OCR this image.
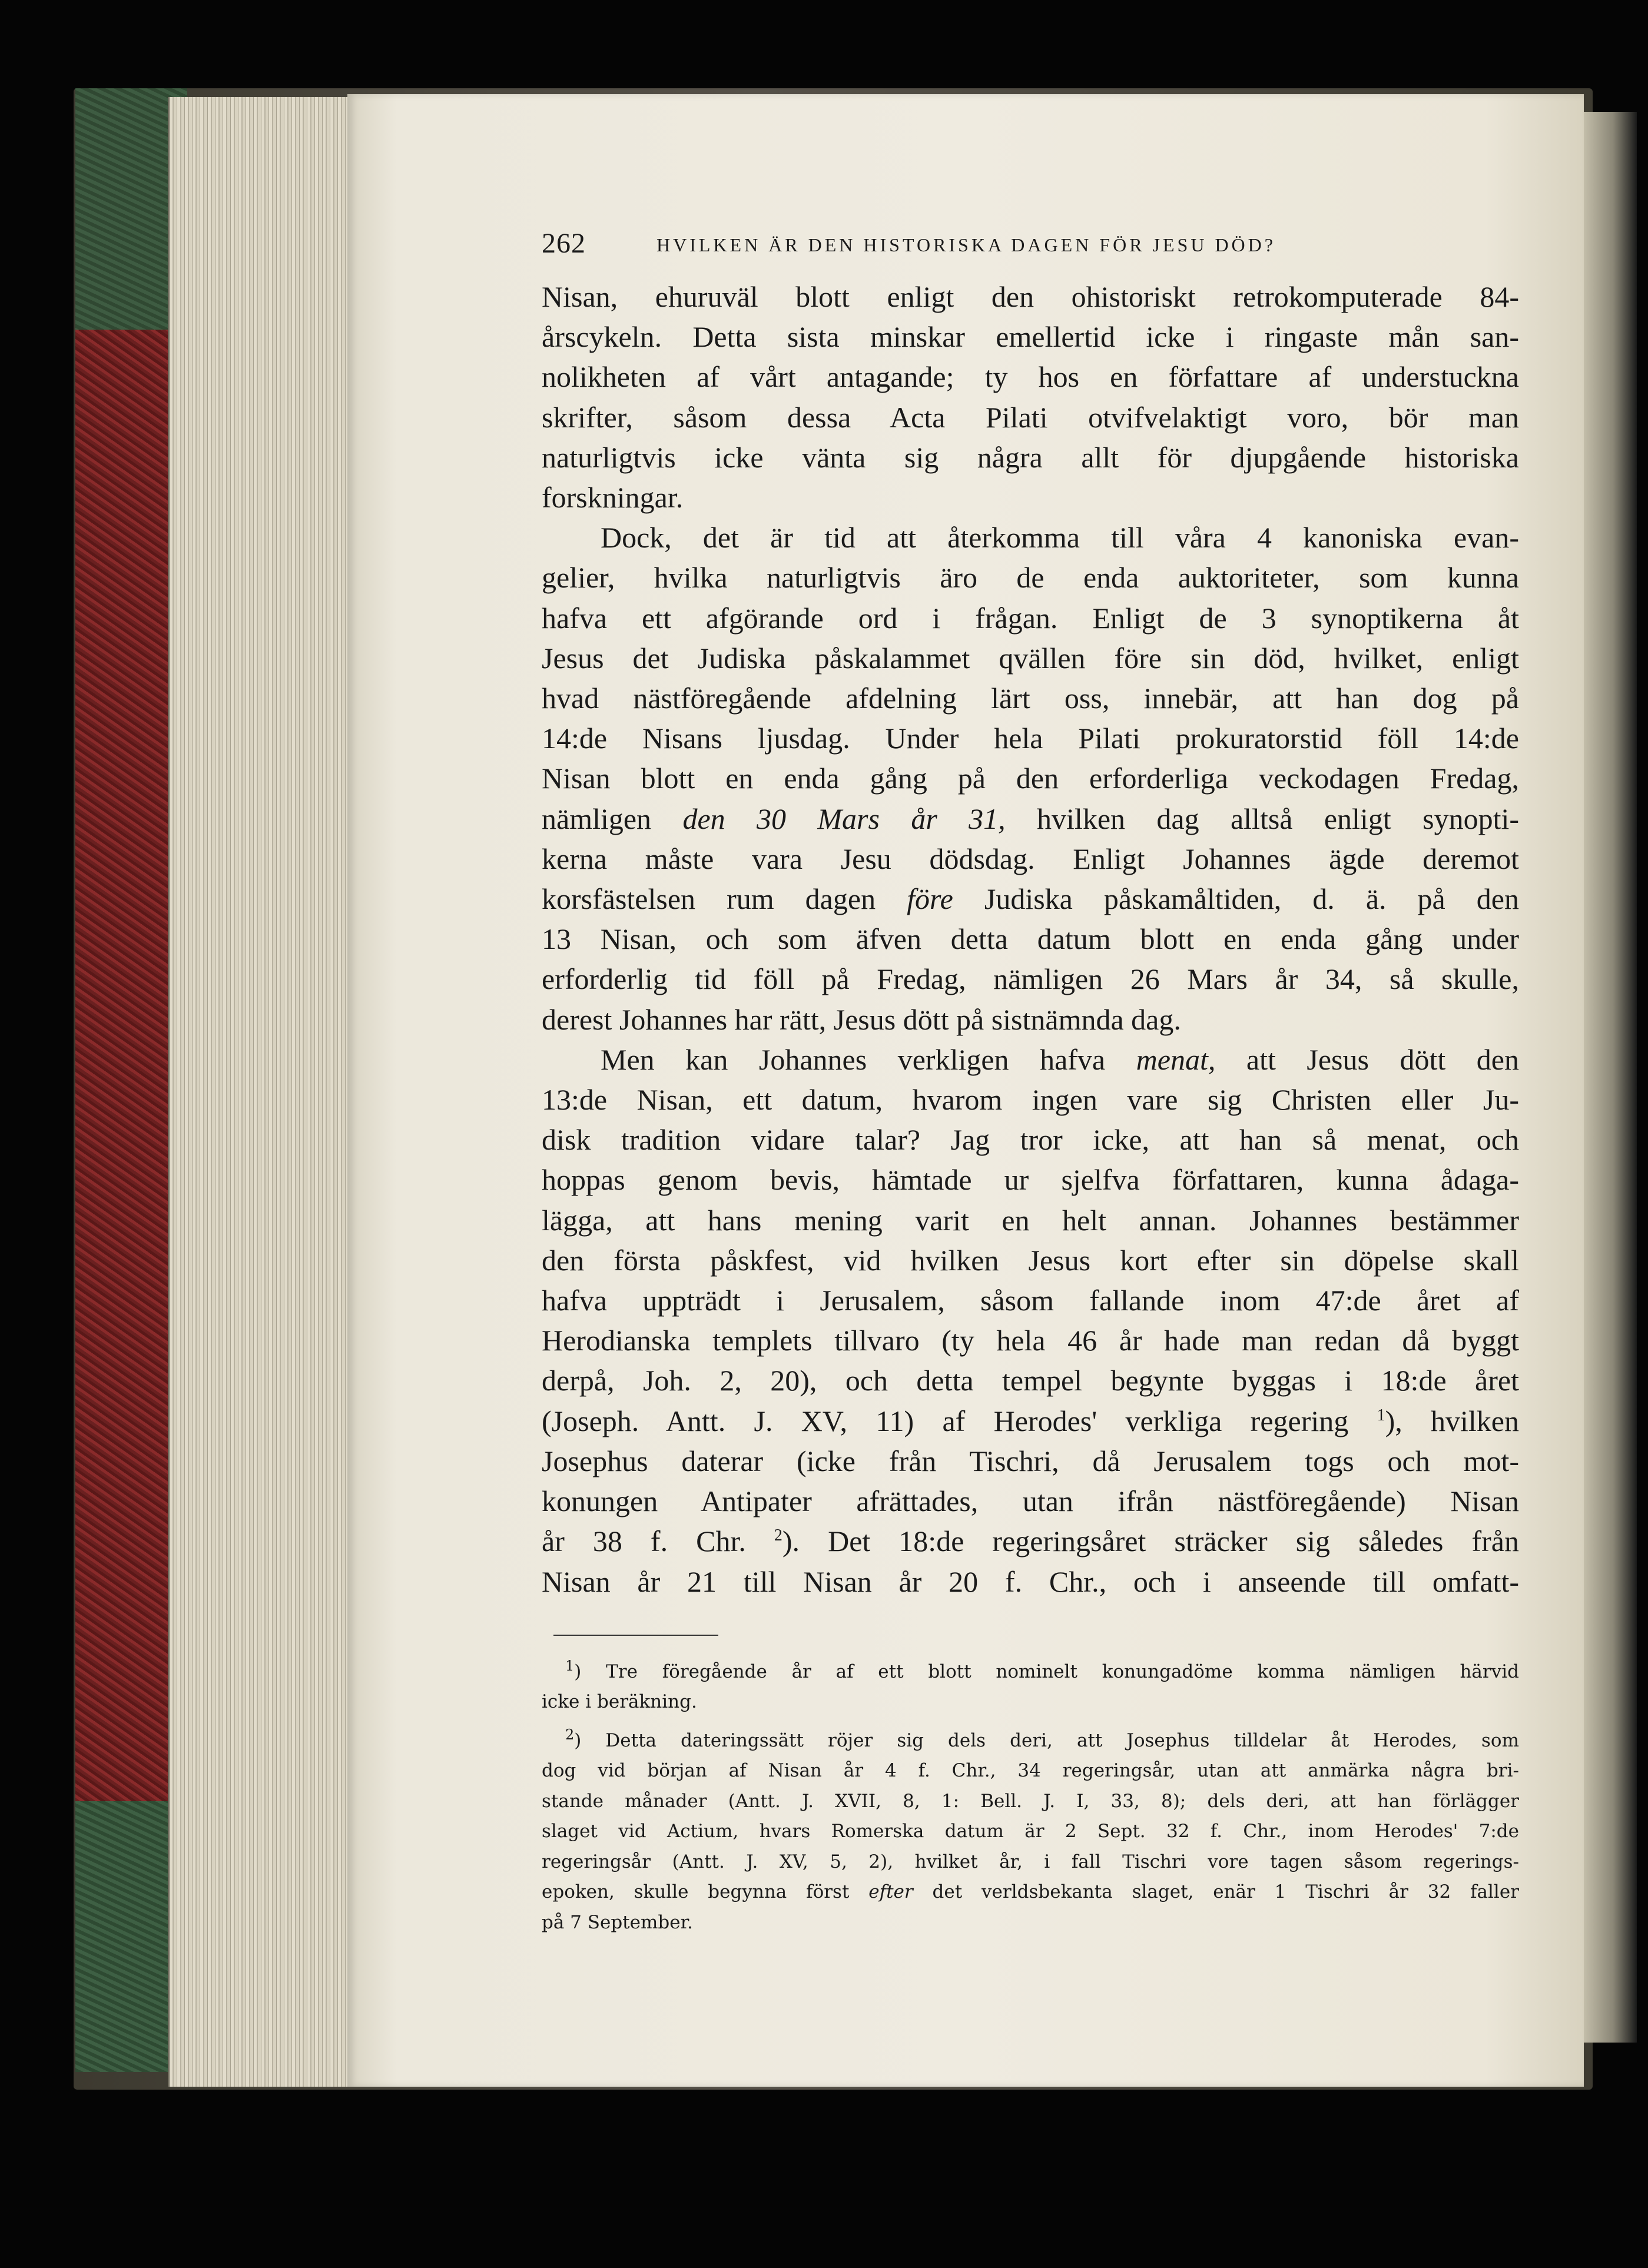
262	HVILKEN ÄR DEN HISTORISKA DAGEN FÖR JESU DÖD?

Nisan, ehuruväl blott enligt den ohistoriskt retrokomputerade 84-

årscykeln. Detta sista minskar emellertid icke i ringaste mån san-

nolikheten af vårt antagande; ty hos en författare af understuckna

skrifter, såsom dessa Acta Pilati otvifvelaktigt voro, bör man

naturligtvis icke vänta sig några allt för djupgående historiska

forskningar.

Dock, det är tid att återkomma till våra 4 kanoniska evan-

gelier, hvilka naturligtvis äro de enda auktoriteter, som kunna

hafva ett afgörande ord i frågan. Enligt de 3 synoptikerna åt

Jesus det Judiska påskalammet qvällen före sin död, hvilket, enligt

hvad nästföregående afdelning lärt oss, innebär, att han dog på

14:de Nisans ljusdag. Under hela Pilati prokuratorstid föll 14:de

Nisan blott en enda gång på den erforderliga veckodagen Fredag,

nämligen den 30 Mars år 31, hvilken dag alltså enligt synopti-

kerna måste vara Jesu dödsdag. Enligt Johannes ägde deremot

korsfästelsen rum dagen före Judiska påskamåltiden, d. ä. på den

13 Nisan, och som äfven detta datum blott en enda gång under

erforderlig tid föll på Fredag, nämligen 26 Mars år 34, så skulle,

derest Johannes har rätt, Jesus dött på sistnämnda dag.

Men kan Johannes verkligen hafva menat, att Jesus dött den

13:de Nisan, ett datum, hvarom ingen vare sig Christen eller Ju-

disk tradition vidare talar? Jag tror icke, att han så menat, och

hoppas genom bevis, hämtade ur sjelfva författaren, kunna ådaga-

lägga, att hans mening varit en helt annan. Johannes bestämmer

den första påskfest, vid hvilken Jesus kort efter sin döpelse skall

hafva uppträdt i Jerusalem, såsom fallande inom 47:de året af

Herodianska templets tillvaro (ty hela 46 år hade man redan då byggt

derpå, Joh. 2, 20), och detta tempel begynte byggas i 18:de året

(Joseph. Antt. J. XV, 11) af Herodes' verkliga regering $^1$), hvilken

Josephus daterar (icke från Tischri, då Jerusalem togs och mot-

konungen Antipater afrättades, utan ifrån nästföregående) Nisan

år 38 f. Chr. $^2$). Det 18:de regeringsåret sträcker sig således från

Nisan år 21 till Nisan år 20 f. Chr., och i anseende till omfatt-

$^1$) Tre föregående år af ett blott nominelt konungadöme komma nämligen härvid

icke i beräkning.

$^2$) Detta dateringssätt röjer sig dels deri, att Josephus tilldelar åt Herodes, som

dog vid början af Nisan år 4 f. Chr., 34 regeringsår, utan att anmärka några bri-

stande månader (Antt. J. XVII, 8, 1: Bell. J. I, 33, 8); dels deri, att han förlägger

slaget vid Actium, hvars Romerska datum är 2 Sept. 32 f. Chr., inom Herodes' 7:de

regeringsår (Antt. J. XV, 5, 2), hvilket år, i fall Tischri vore tagen såsom regerings-

epoken, skulle begynna först efter det verldsbekanta slaget, enär 1 Tischri år 32 faller

på 7 September.
